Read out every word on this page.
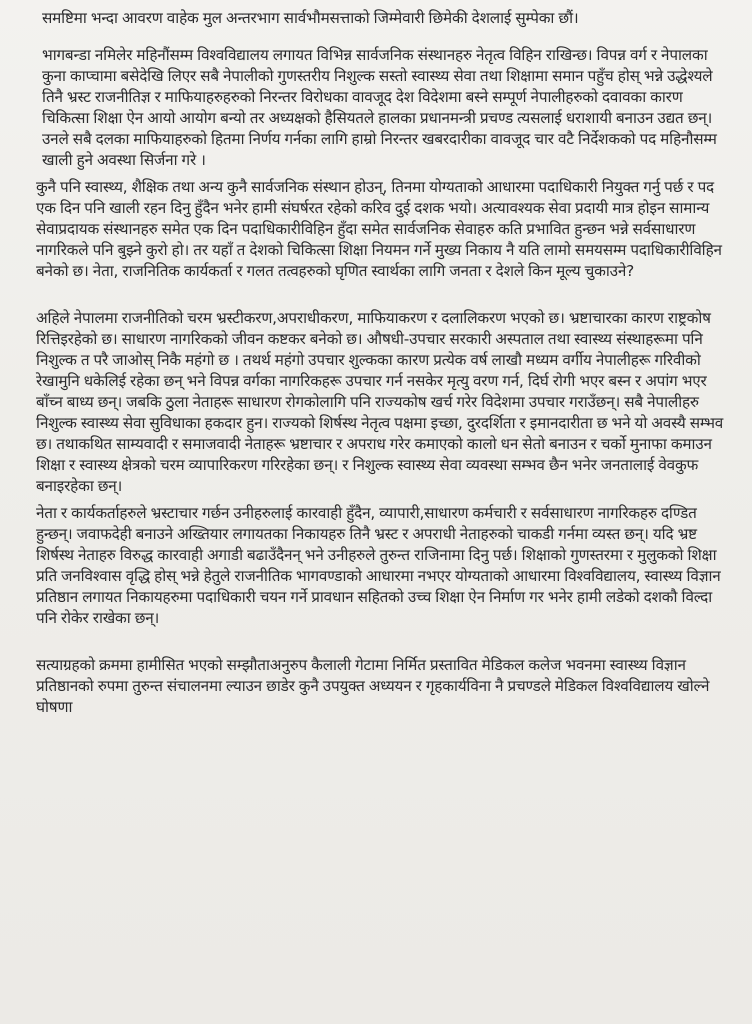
समष्टिमा भन्दा आवरण वाहेक मुल अन्तरभाग सार्वभौमसत्ताको जिम्मेवारी छिमेकी देशलाई सुम्पेका छौं।

भागबन्डा नमिलेर महिनौंसम्म विश्वविद्यालय लगायत विभिन्न सार्वजनिक संस्थानहरु नेतृत्व विहिन राखिन्छ। विपन्न वर्ग र नेपालका कुना काप्चामा बसेदेखि लिएर सबै नेपालीको गुणस्तरीय निशुल्क सस्तो स्वास्थ्य सेवा तथा शिक्षामा समान पहुँच होस् भन्ने उद्धेश्यले तिनै भ्रस्ट राजनीतिज्ञ र माफियाहरुहरुको निरन्तर विरोधका वावजूद देश विदेशमा बस्ने सम्पूर्ण नेपालीहरुको दवावका कारण चिकित्सा शिक्षा ऐन आयो आयोग बन्यो तर अध्यक्षको हैसियतले हालका प्रधानमन्त्री प्रचण्ड त्यसलाई धराशायी बनाउन उद्यत छन्। उनले सबै दलका माफियाहरुको हितमा निर्णय गर्नका लागि हाम्रो निरन्तर खबरदारीका वावजूद चार वटै निर्देशकको पद महिनौसम्म खाली हुने अवस्था सिर्जना गरे ।

कुनै पनि स्वास्थ्य, शैक्षिक तथा अन्य कुनै सार्वजनिक संस्थान होउन्, तिनमा योग्यताको आधारमा पदाधिकारी नियुक्त गर्नु पर्छ र पद एक दिन पनि खाली रहन दिनु हुँदैन भनेर हामी संघर्षरत रहेको करिव दुई दशक भयो। अत्यावश्यक सेवा प्रदायी मात्र होइन सामान्य सेवाप्रदायक संस्थानहरु समेत एक दिन पदाधिकारीविहिन हुँदा समेत सार्वजनिक सेवाहरु कति प्रभावित हुन्छन भन्ने सर्वसाधारण नागरिकले पनि बुझ्ने कुरो हो। तर यहाँ त देशको चिकित्सा शिक्षा नियमन गर्ने मुख्य निकाय नै यति लामो समयसम्म पदाधिकारीविहिन बनेको छ। नेता, राजनितिक कार्यकर्ता र गलत तत्वहरुको घृणित स्वार्थका लागि जनता र देशले किन मूल्य चुकाउने?

अहिले नेपालमा राजनीतिको चरम भ्रस्टीकरण,अपराधीकरण, माफियाकरण र दलालिकरण भएको छ। भ्रष्टाचारका कारण राष्ट्रकोष रित्तिइरहेको छ। साधारण नागरिकको जीवन कष्टकर बनेको छ। औषधी-उपचार सरकारी अस्पताल तथा स्वास्थ्य संस्थाहरूमा पनि निशुल्क त परै जाओस् निकै महंगो छ । तथर्थ महंगो उपचार शुल्कका कारण प्रत्येक वर्ष लाखौ मध्यम वर्गीय नेपालीहरू गरिवीको रेखामुनि धकेलिई रहेका छन् भने विपन्न वर्गका नागरिकहरू उपचार गर्न नसकेर मृत्यु वरण गर्न, दिर्घ रोगी भएर बस्न र अपांग भएर बाँच्न बाध्य छन्। जबकि ठुला नेताहरू साधारण रोगकोलागि पनि राज्यकोष खर्च गरेर विदेशमा उपचार गराउँछन्। सबै नेपालीहरु निशुल्क स्वास्थ्य सेवा सुविधाका हकदार हुन। राज्यको शिर्षस्थ नेतृत्व पक्षमा इच्छा, दुरदर्शिता र इमानदारीता छ भने यो अवस्यै सम्भव छ। तथाकथित साम्यवादी र समाजवादी नेताहरू भ्रष्टाचार र अपराध गरेर कमाएको कालो धन सेतो बनाउन र चर्को मुनाफा कमाउन शिक्षा र स्वास्थ्य क्षेत्रको चरम व्यापारिकरण गरिरहेका छन्। र निशुल्क स्वास्थ्य सेवा व्यवस्था सम्भव छैन भनेर जनतालाई वेवकुफ बनाइरहेका छन्।

नेता र कार्यकर्ताहरुले भ्रस्टाचार गर्छन उनीहरुलाई कारवाही हुँदैन, व्यापारी,साधारण कर्मचारी र सर्वसाधारण नागरिकहरु दण्डित हुन्छन्। जवाफदेही बनाउने अख्तियार लगायतका निकायहरु तिनै भ्रस्ट र अपराधी नेताहरुको चाकडी गर्नमा व्यस्त छन्। यदि भ्रष्ट शिर्षस्थ नेताहरु विरुद्ध कारवाही अगाडी बढाउँदैनन् भने उनीहरुले तुरुन्त राजिनामा दिनु पर्छ। शिक्षाको गुणस्तरमा र मुलुकको शिक्षा प्रति जनविश्वास वृद्धि होस् भन्ने हेतुले राजनीतिक भागवण्डाको आधारमा नभएर योग्यताको आधारमा विश्वविद्यालय, स्वास्थ्य विज्ञान प्रतिष्ठान लगायत निकायहरुमा पदाधिकारी चयन गर्ने प्रावधान सहितको उच्च शिक्षा ऐन निर्माण गर भनेर हामी लडेको दशकौ विल्दा पनि रोकेर राखेका छन्।

सत्याग्रहको क्रममा हामीसित भएको सम्झौताअनुरुप कैलाली गेटामा निर्मित प्रस्तावित मेडिकल कलेज भवनमा स्वास्थ्य विज्ञान प्रतिष्ठानको रुपमा तुरुन्त संचालनमा ल्याउन छाडेर कुनै उपयुक्त अध्ययन र गृहकार्यविना नै प्रचण्डले मेडिकल विश्वविद्यालय खोल्ने घोषणा
